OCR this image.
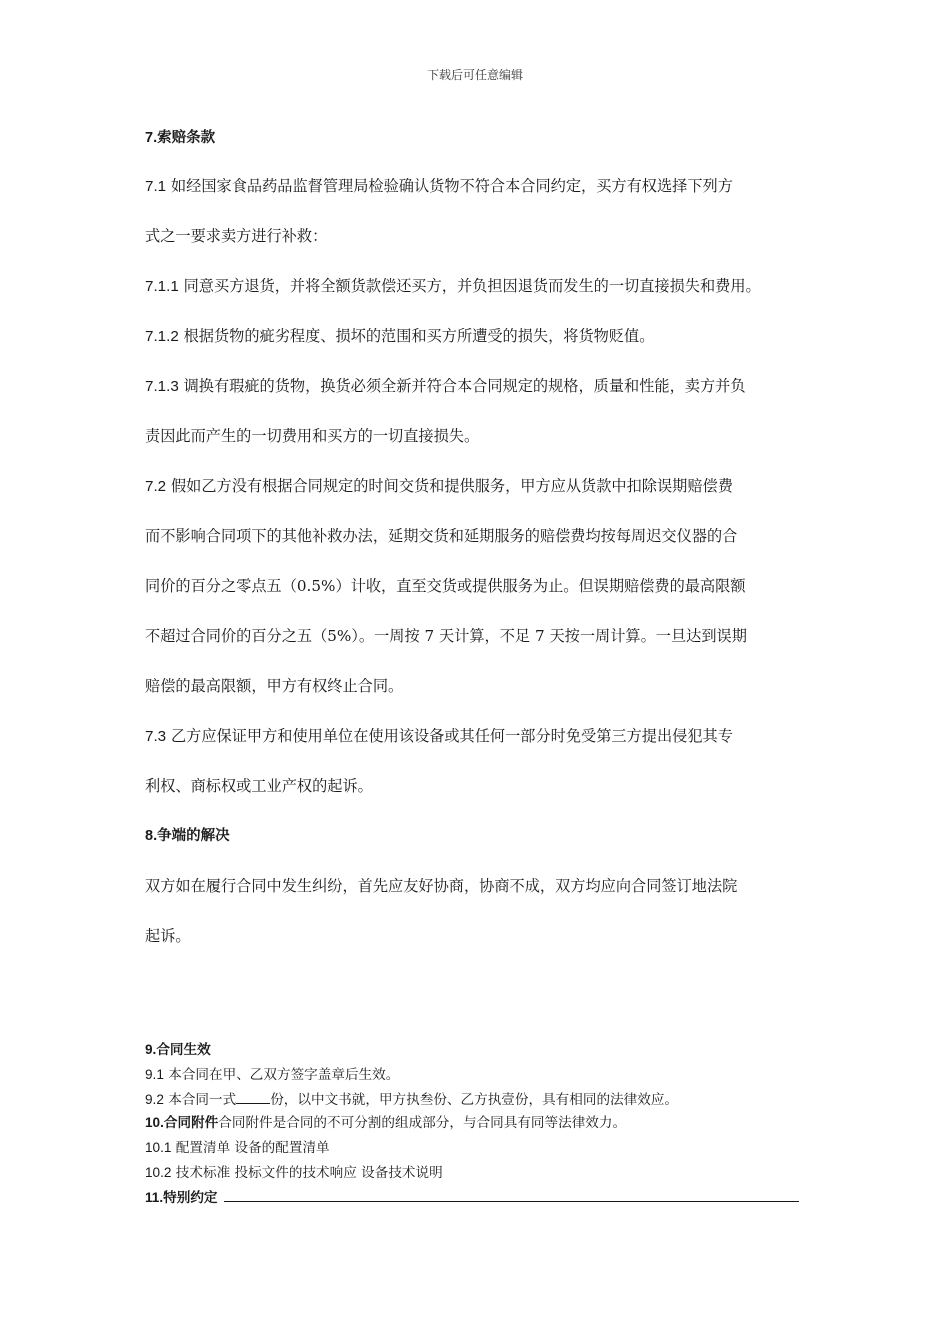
下载后可任意编辑
7.索赔条款
7.1 如经国家食品药品监督管理局检验确认货物不符合本合同约定，买方有权选择下列方
式之一要求卖方进行补救：
7.1.1 同意买方退货，并将全额货款偿还买方，并负担因退货而发生的一切直接损失和费用。
7.1.2 根据货物的疵劣程度、损坏的范围和买方所遭受的损失，将货物贬值。
7.1.3 调换有瑕疵的货物，换货必须全新并符合本合同规定的规格，质量和性能，卖方并负
责因此而产生的一切费用和买方的一切直接损失。
7.2 假如乙方没有根据合同规定的时间交货和提供服务，甲方应从货款中扣除误期赔偿费
而不影响合同项下的其他补救办法，延期交货和延期服务的赔偿费均按每周迟交仪器的合
同价的百分之零点五（0.5%）计收，直至交货或提供服务为止。但误期赔偿费的最高限额
不超过合同价的百分之五（5%）。一周按 7 天计算，不足 7 天按一周计算。一旦达到误期
赔偿的最高限额，甲方有权终止合同。
7.3 乙方应保证甲方和使用单位在使用该设备或其任何一部分时免受第三方提出侵犯其专
利权、商标权或工业产权的起诉。
8.争端的解决
双方如在履行合同中发生纠纷，首先应友好协商，协商不成，双方均应向合同签订地法院
起诉。
9.合同生效
9.1 本合同在甲、乙双方签字盖章后生效。
9.2 本合同一式	份，以中文书就，甲方执叁份、乙方执壹份，具有相同的法律效应。
10.合同附件合同附件是合同的不可分割的组成部分，与合同具有同等法律效力。
10.1 配置清单 设备的配置清单
10.2 技术标准 投标文件的技术响应 设备技术说明
11.特别约定
